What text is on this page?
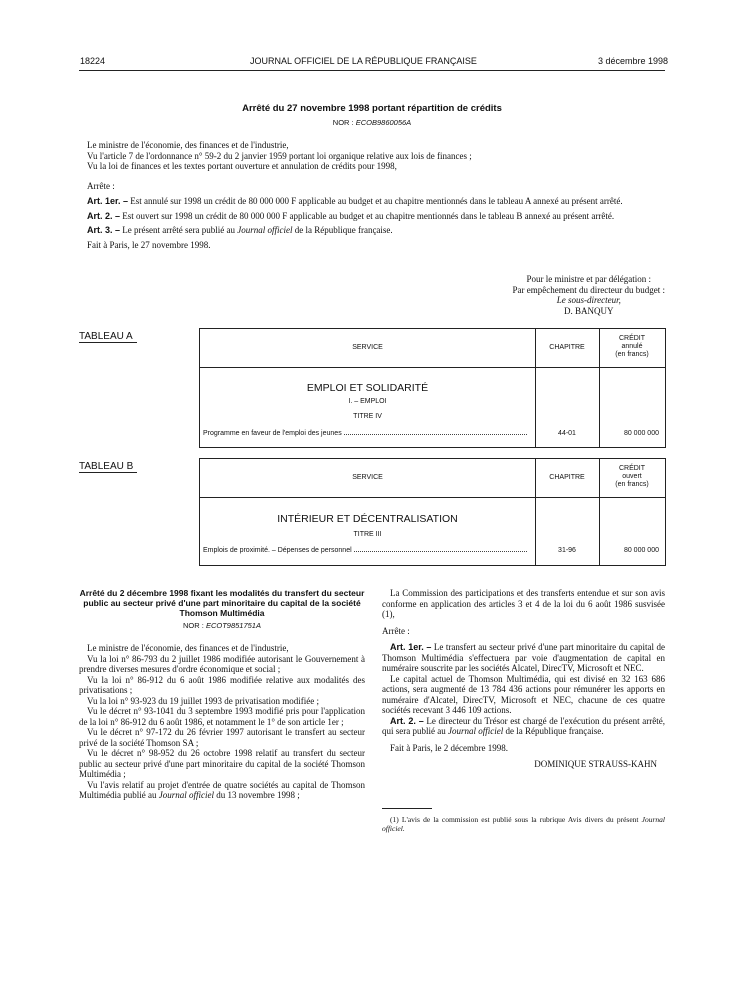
18224	JOURNAL OFFICIEL DE LA RÉPUBLIQUE FRANÇAISE	3 décembre 1998
Arrêté du 27 novembre 1998 portant répartition de crédits
NOR : ECOB9860056A

Le ministre de l'économie, des finances et de l'industrie,

Vu l'article 7 de l'ordonnance n° 59-2 du 2 janvier 1959 portant loi organique relative aux lois de finances ;

Vu la loi de finances et les textes portant ouverture et annulation de crédits pour 1998,

Arrête :

Art. 1er. – Est annulé sur 1998 un crédit de 80 000 000 F applicable au budget et au chapitre mentionnés dans le tableau A annexé au présent arrêté.

Art. 2. – Est ouvert sur 1998 un crédit de 80 000 000 F applicable au budget et au chapitre mentionnés dans le tableau B annexé au présent arrêté.

Art. 3. – Le présent arrêté sera publié au Journal officiel de la République française.

Fait à Paris, le 27 novembre 1998.

Pour le ministre et par délégation :
Par empêchement du directeur du budget :
Le sous-directeur,
D. BANQUY
TABLEAU A
SERVICE	CHAPITRE
CRÉDIT
annulé
(en francs)
EMPLOI ET SOLIDARITÉ
I. – EMPLOI
TITRE IV
Programme en faveur de l'emploi des jeunes	44-01	80 000 000
TABLEAU B
SERVICE	CHAPITRE
CRÉDIT
ouvert
(en francs)
INTÉRIEUR ET DÉCENTRALISATION
TITRE III
Emplois de proximité. – Dépenses de personnel	31-96	80 000 000
Arrêté du 2 décembre 1998 fixant les modalités du transfert du secteur public au secteur privé d'une part minoritaire du capital de la société Thomson Multimédia
NOR : ECOT9851751A

Le ministre de l'économie, des finances et de l'industrie,

Vu la loi n° 86-793 du 2 juillet 1986 modifiée autorisant le Gouvernement à prendre diverses mesures d'ordre économique et social ;

Vu la loi n° 86-912 du 6 août 1986 modifiée relative aux modalités des privatisations ;

Vu la loi n° 93-923 du 19 juillet 1993 de privatisation modifiée ;

Vu le décret n° 93-1041 du 3 septembre 1993 modifié pris pour l'application de la loi n° 86-912 du 6 août 1986, et notamment le 1° de son article 1er ;

Vu le décret n° 97-172 du 26 février 1997 autorisant le transfert au secteur privé de la société Thomson SA ;

Vu le décret n° 98-952 du 26 octobre 1998 relatif au transfert du secteur public au secteur privé d'une part minoritaire du capital de la société Thomson Multimédia ;

Vu l'avis relatif au projet d'entrée de quatre sociétés au capital de Thomson Multimédia publié au Journal officiel du 13 novembre 1998 ;

La Commission des participations et des transferts entendue et sur son avis conforme en application des articles 3 et 4 de la loi du 6 août 1986 susvisée (1),

Arrête :

Art. 1er. – Le transfert au secteur privé d'une part minoritaire du capital de Thomson Multimédia s'effectuera par voie d'augmentation de capital en numéraire souscrite par les sociétés Alcatel, DirecTV, Microsoft et NEC.

Le capital actuel de Thomson Multimédia, qui est divisé en 32 163 686 actions, sera augmenté de 13 784 436 actions pour rémunérer les apports en numéraire d'Alcatel, DirecTV, Microsoft et NEC, chacune de ces quatre sociétés recevant 3 446 109 actions.

Art. 2. – Le directeur du Trésor est chargé de l'exécution du présent arrêté, qui sera publié au Journal officiel de la République française.

Fait à Paris, le 2 décembre 1998.

DOMINIQUE STRAUSS-KAHN

(1) L'avis de la commission est publié sous la rubrique Avis divers du présent Journal officiel.
